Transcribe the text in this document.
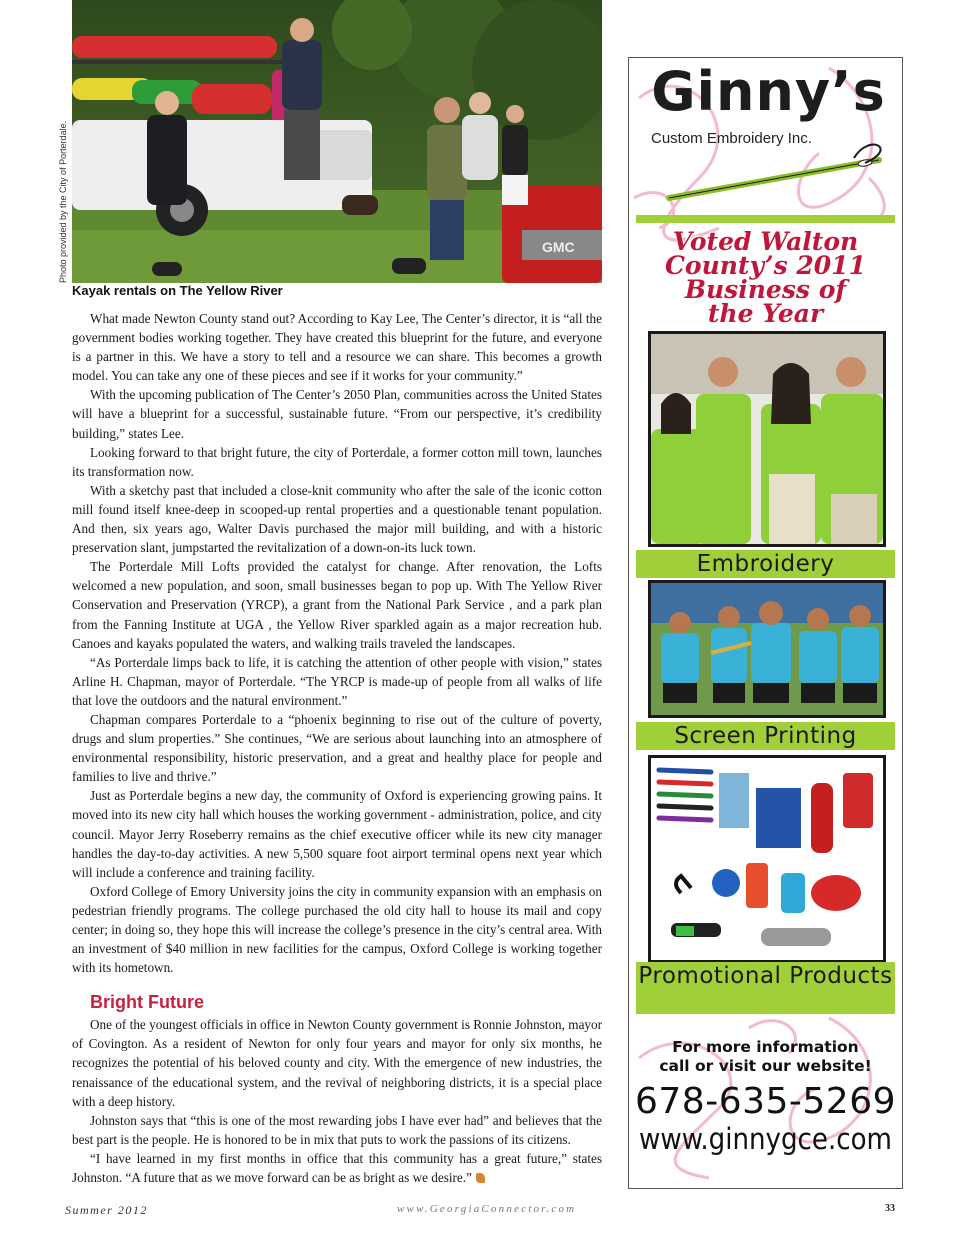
GMC
Photo provided by the City of Porterdale.
Kayak rentals on The Yellow River

What made Newton County stand out? According to Kay Lee, The Center’s director, it is “all the government bodies working together. They have created this blueprint for the future, and everyone is a partner in this. We have a story to tell and a resource we can share. This becomes a growth model. You can take any one of these pieces and see if it works for your community.”

With the upcoming publication of The Center’s 2050 Plan, communities across the United States will have a blueprint for a successful, sustainable future. “From our perspective, it’s credibility building,” states Lee.

Looking forward to that bright future, the city of Porterdale, a former cotton mill town, launches its transformation now.

With a sketchy past that included a close-knit community who after the sale of the iconic cotton mill found itself knee-deep in scooped-up rental properties and a questionable tenant population. And then, six years ago, Walter Davis purchased the major mill building, and with a historic preservation slant, jumpstarted the revitalization of a down-on-its luck town.

The Porterdale Mill Lofts provided the catalyst for change. After renovation, the Lofts welcomed a new population, and soon, small businesses began to pop up. With The Yellow River Conservation and Preservation (YRCP), a grant from the National Park Service , and a park plan from the Fanning Institute at UGA , the Yellow River sparkled again as a major recreation hub. Canoes and kayaks populated the waters, and walking trails traveled the landscapes.

“As Porterdale limps back to life, it is catching the attention of other people with vision,” states Arline H. Chapman, mayor of Porterdale. “The YRCP is made-up of people from all walks of life that love the outdoors and the natural environment.”

Chapman compares Porterdale to a “phoenix beginning to rise out of the culture of poverty, drugs and slum properties.” She continues, “We are serious about launching into an atmosphere of environmental responsibility, historic preservation, and a great and healthy place for people and families to live and thrive.”

Just as Porterdale begins a new day, the community of Oxford is experiencing growing pains. It moved into its new city hall which houses the working government - administration, police, and city council. Mayor Jerry Roseberry remains as the chief executive officer while its new city manager handles the day-to-day activities. A new 5,500 square foot airport terminal opens next year which will include a conference and training facility.

Oxford College of Emory University joins the city in community expansion with an emphasis on pedestrian friendly programs. The college purchased the old city hall to house its mail and copy center; in doing so, they hope this will increase the college’s presence in the city’s central area. With an investment of $40 million in new facilities for the campus, Oxford College is working together with its hometown.

Bright Future

One of the youngest officials in office in Newton County government is Ronnie Johnston, mayor of Covington. As a resident of Newton for only four years and mayor for only six months, he recognizes the potential of his beloved county and city. With the emergence of new industries, the renaissance of the educational system, and the revival of neighboring districts, it is a special place with a deep history.

Johnston says that “this is one of the most rewarding jobs I have ever had” and believes that the best part is the people. He is honored to be in mix that puts to work the passions of its citizens.

“I have learned in my first months in office that this community has a great future,” states Johnston. “A future that as we move forward can be as bright as we desire.”

Summer 2012	www.GeorgiaConnector.com	33
Ginny’s
Custom Embroidery Inc.
Voted Walton
County’s 2011
Business of
the Year
Embroidery
Screen Printing
Promotional Products
For more information
call or visit our website!
678-635-5269
www.ginnygce.com
